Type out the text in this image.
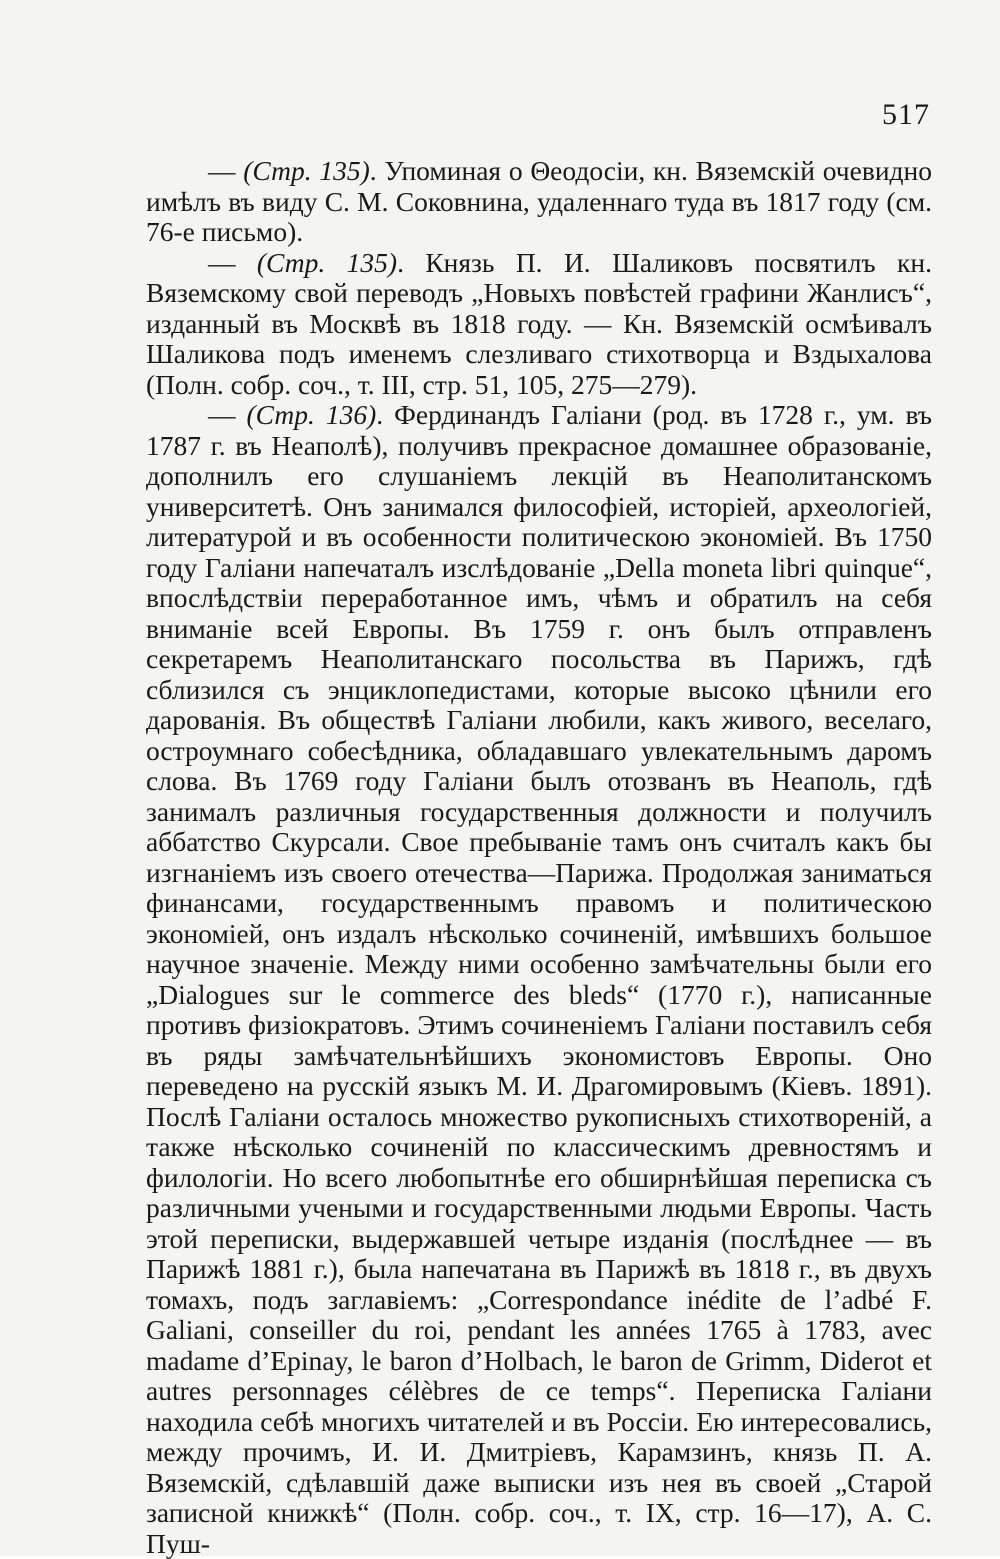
517

— (Стр. 135). Упоминая о Θеодосіи, кн. Вяземскій очевидно имѣлъ въ виду С. М. Соковнина, удаленнаго туда въ 1817 году (см. 76-е письмо).

— (Стр. 135). Князь П. И. Шаликовъ посвятилъ кн. Вяземскому свой переводъ „Новыхъ повѣстей графини Жанлисъ“, изданный въ Москвѣ въ 1818 году. — Кн. Вяземскій осмѣивалъ Шаликова подъ именемъ слезливаго стихотворца и Вздыхалова (Полн. собр. соч., т. III, стр. 51, 105, 275—279).

— (Стр. 136). Фердинандъ Галіани (род. въ 1728 г., ум. въ 1787 г. въ Неаполѣ), получивъ прекрасное домашнее образованіе, дополнилъ его слушаніемъ лекцій въ Неаполитанскомъ университетѣ. Онъ занимался философіей, исторіей, археологіей, литературой и въ особенности политическою экономіей. Въ 1750 году Галіани напечаталъ изслѣдованіе „Della moneta libri quinque“, впослѣдствіи переработанное имъ, чѣмъ и обратилъ на себя вниманіе всей Европы. Въ 1759 г. онъ былъ отправленъ секретаремъ Неаполитанскаго посольства въ Парижъ, гдѣ сблизился съ энциклопедистами, которые высоко цѣнили его дарованія. Въ обществѣ Галіани любили, какъ живого, веселаго, остроумнаго собесѣдника, обладавшаго увлекательнымъ даромъ слова. Въ 1769 году Галіани былъ отозванъ въ Неаполь, гдѣ занималъ различныя государственныя должности и получилъ аббатство Скурсали. Свое пребываніе тамъ онъ считалъ какъ бы изгнаніемъ изъ своего отечества—Парижа. Продолжая заниматься финансами, государственнымъ правомъ и политическою экономіей, онъ издалъ нѣсколько сочиненій, имѣвшихъ большое научное значеніе. Между ними особенно замѣчательны были его „Dialogues sur le commerce des bleds“ (1770 г.), написанные противъ физіократовъ. Этимъ сочиненіемъ Галіани поставилъ себя въ ряды замѣчательнѣйшихъ экономистовъ Европы. Оно переведено на русскій языкъ М. И. Драгомировымъ (Кіевъ. 1891). Послѣ Галіани осталось множество рукописныхъ стихотвореній, а также нѣсколько сочиненій по классическимъ древностямъ и филологіи. Но всего любопытнѣе его обширнѣйшая переписка съ различными учеными и государственными людьми Европы. Часть этой переписки, выдержавшей четыре изданія (послѣднее — въ Парижѣ 1881 г.), была напечатана въ Парижѣ въ 1818 г., въ двухъ томахъ, подъ заглавіемъ: „Correspondance inédite de l’adbé F. Galiani, conseiller du roi, pendant les années 1765 à 1783, avec madame d’Epinay, le baron d’Holbach, le baron de Grimm, Diderot et autres personnages célèbres de ce temps“. Переписка Галіани находила себѣ многихъ читателей и въ Россіи. Ею интересовались, между прочимъ, И. И. Дмитріевъ, Карамзинъ, князь П. А. Вяземскій, сдѣлавшій даже выписки изъ нея въ своей „Старой записной книжкѣ“ (Полн. собр. соч., т. IX, стр. 16—17), А. С. Пуш-
